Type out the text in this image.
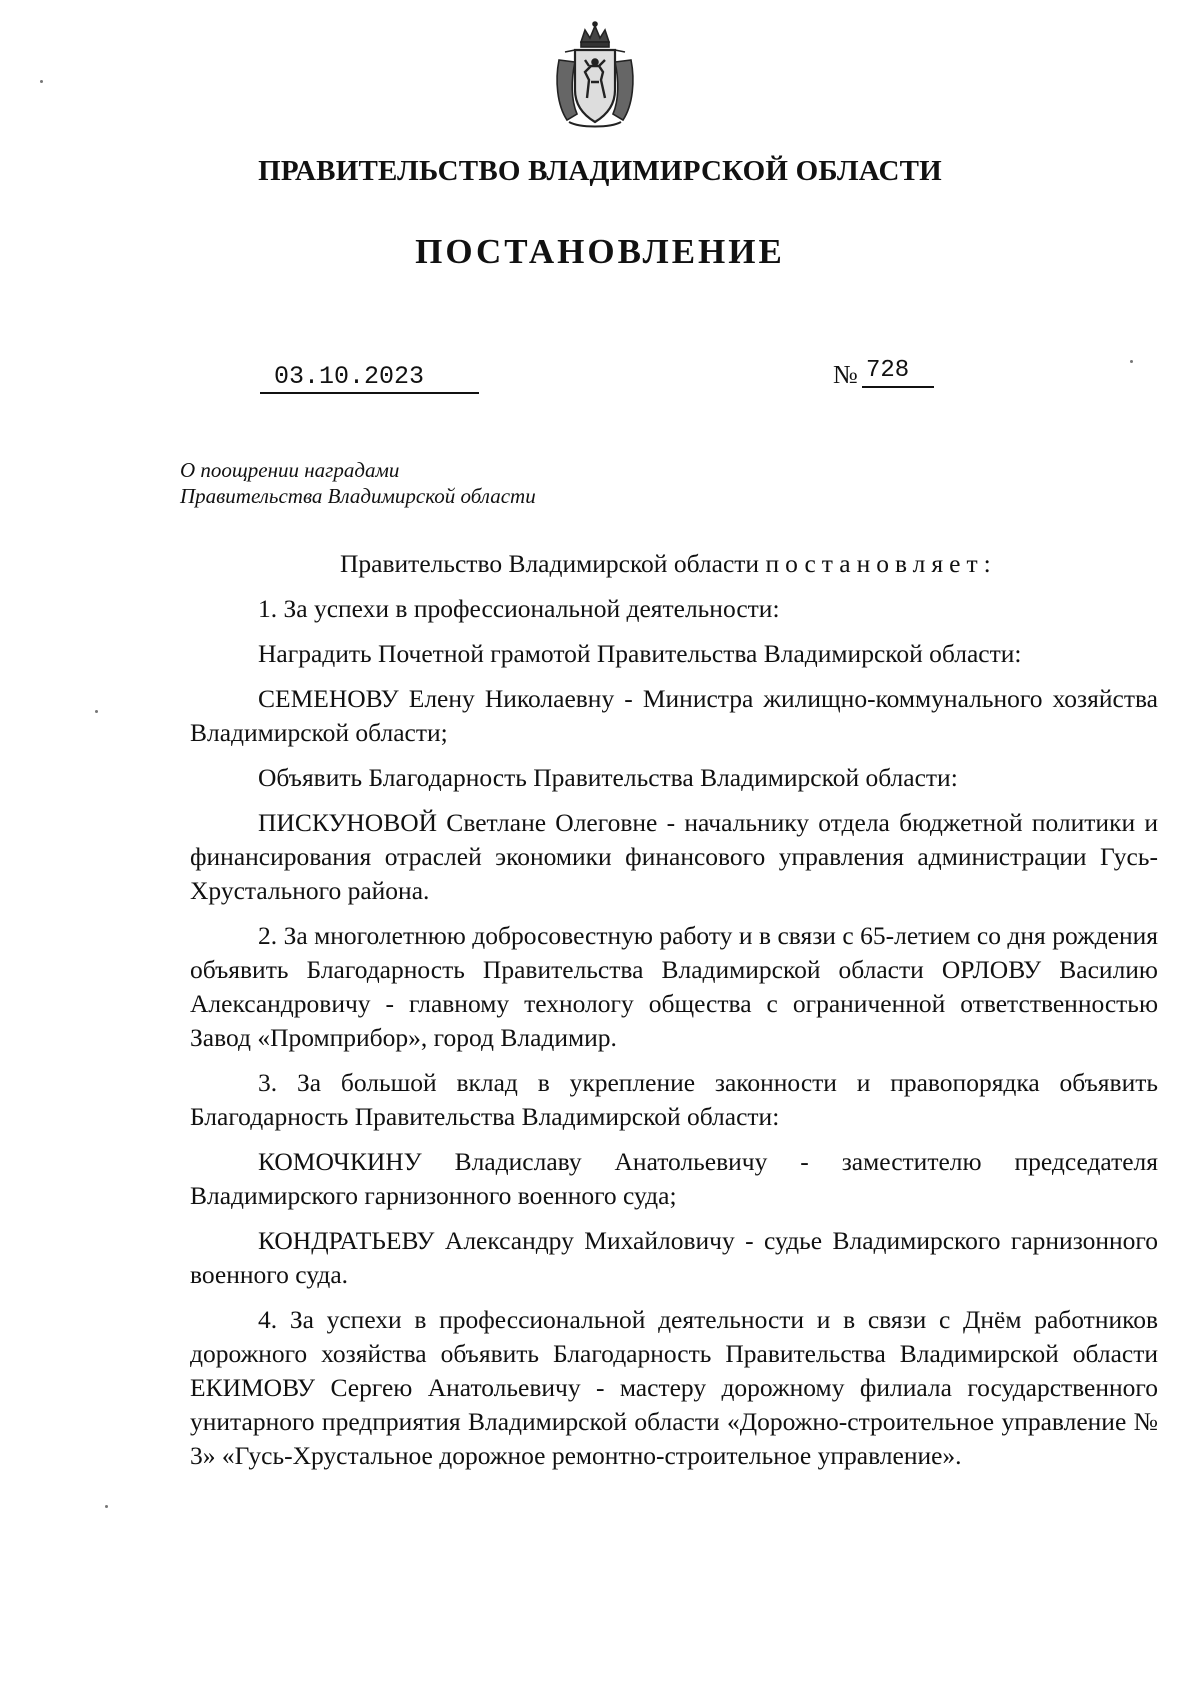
ПРАВИТЕЛЬСТВО ВЛАДИМИРСКОЙ ОБЛАСТИ
ПОСТАНОВЛЕНИЕ
03.10.2023	№ 728
О поощрении наградами
Правительства Владимирской области

Правительство Владимирской области постановляет:

1. За успехи в профессиональной деятельности:

Наградить Почетной грамотой Правительства Владимирской области:

СЕМЕНОВУ Елену Николаевну - Министра жилищно-коммунального хозяйства Владимирской области;

Объявить Благодарность Правительства Владимирской области:

ПИСКУНОВОЙ Светлане Олеговне - начальнику отдела бюджетной политики и финансирования отраслей экономики финансового управления администрации Гусь-Хрустального района.

2. За многолетнюю добросовестную работу и в связи с 65-летием со дня рождения объявить Благодарность Правительства Владимирской области ОРЛОВУ Василию Александровичу - главному технологу общества с ограниченной ответственностью Завод «Промприбор», город Владимир.

3. За большой вклад в укрепление законности и правопорядка объявить Благодарность Правительства Владимирской области:

КОМОЧКИНУ Владиславу Анатольевичу - заместителю председателя Владимирского гарнизонного военного суда;

КОНДРАТЬЕВУ Александру Михайловичу - судье Владимирского гарнизонного военного суда.

4. За успехи в профессиональной деятельности и в связи с Днём работников дорожного хозяйства объявить Благодарность Правительства Владимирской области ЕКИМОВУ Сергею Анатольевичу - мастеру дорожному филиала государственного унитарного предприятия Владимирской области «Дорожно-строительное управление № 3» «Гусь-Хрустальное дорожное ремонтно-строительное управление».
